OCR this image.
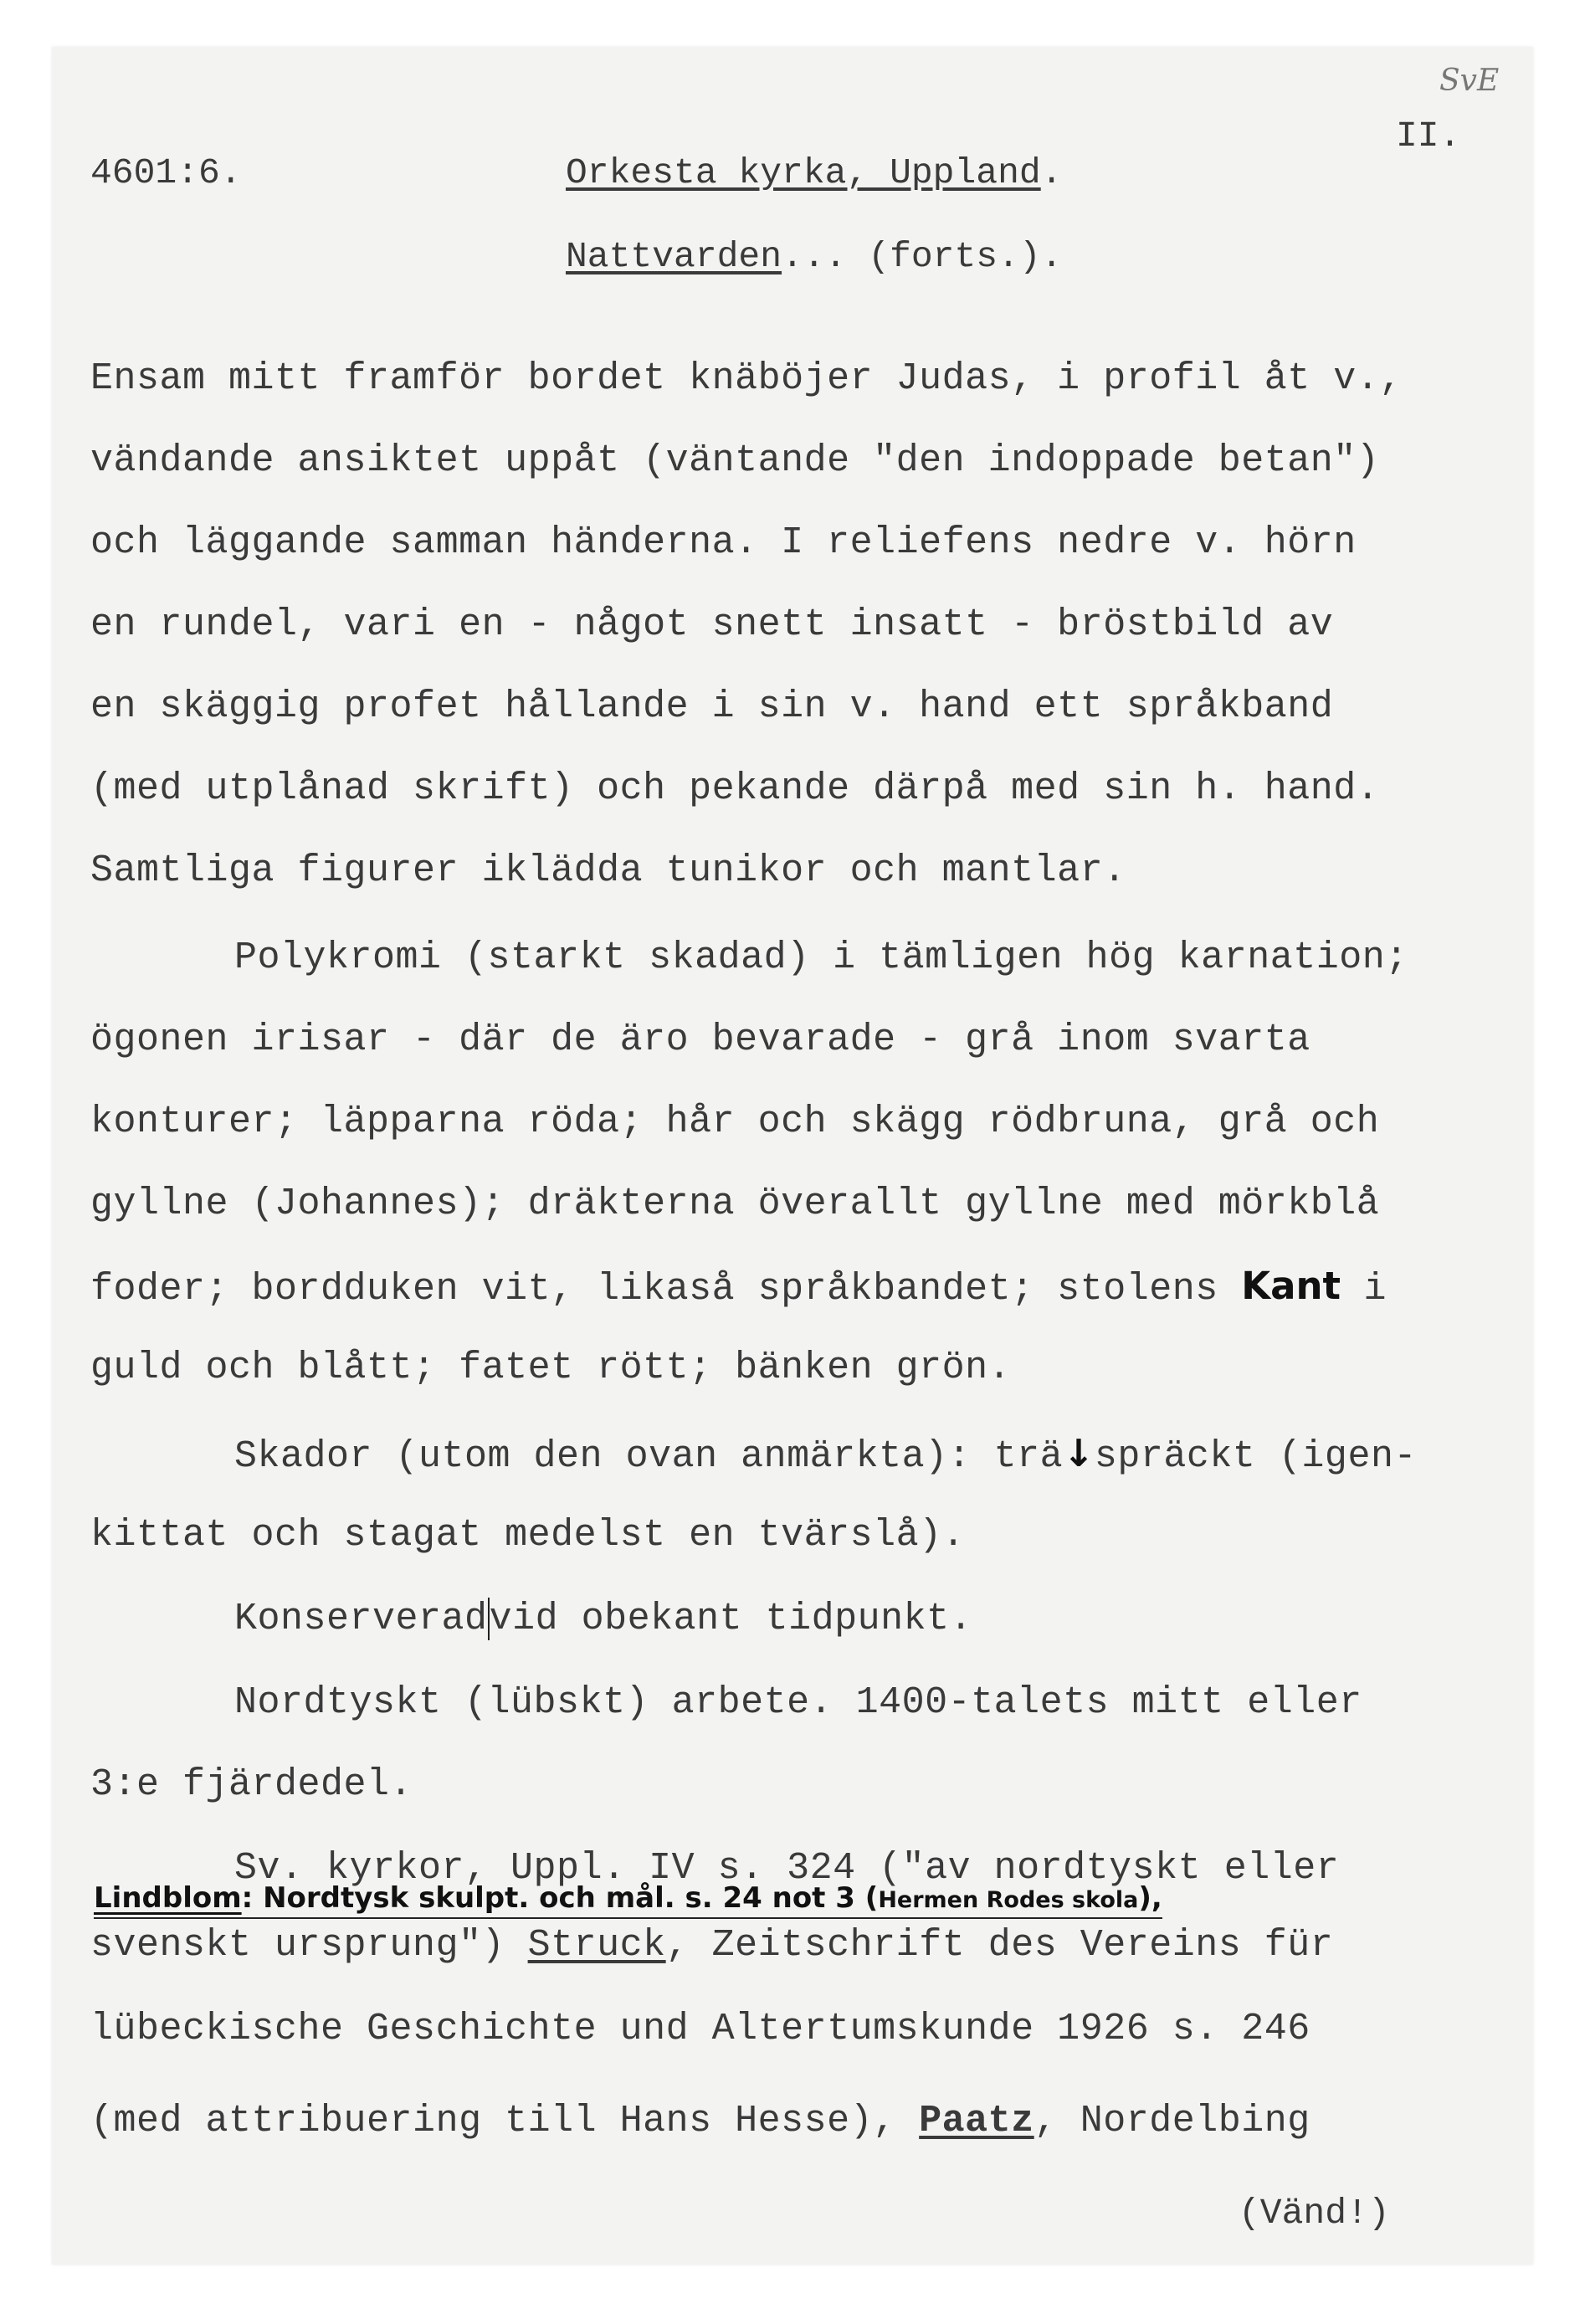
SvE
4601:6.
II.
Orkesta kyrka, Uppland.
Nattvarden... (forts.).
Ensam mitt framför bordet knäböjer Judas, i profil åt v.,
vändande ansiktet uppåt (väntande "den indoppade betan")
och läggande samman händerna. I reliefens nedre v. hörn
en rundel, vari en - något snett insatt - bröstbild av
en skäggig profet hållande i sin v. hand ett språkband
(med utplånad skrift) och pekande därpå med sin h. hand.
Samtliga figurer iklädda tunikor och mantlar.
Polykromi (starkt skadad) i tämligen hög karnation;
ögonen irisar - där de äro bevarade - grå inom svarta
konturer; läpparna röda; hår och skägg rödbruna, grå och
gyllne (Johannes); dräkterna överallt gyllne med mörkblå
foder; bordduken vit, likaså språkbandet; stolens Kant i
guld och blått; fatet rött; bänken grön.
Skador (utom den ovan anmärkta): trä↓spräckt (igen-
kittat och stagat medelst en tvärslå).
Konserveradvid obekant tidpunkt.
Nordtyskt (lübskt) arbete. 1400-talets mitt eller
3:e fjärdedel.
Sv. kyrkor, Uppl. IV s. 324 ("av nordtyskt eller
Lindblom: Nordtysk skulpt. och mål. s. 24 not 3 (Hermen Rodes skola),
svenskt ursprung") Struck, Zeitschrift des Vereins für
lübeckische Geschichte und Altertumskunde 1926 s. 246
(med attribuering till Hans Hesse), Paatz, Nordelbing
(Vänd!)
